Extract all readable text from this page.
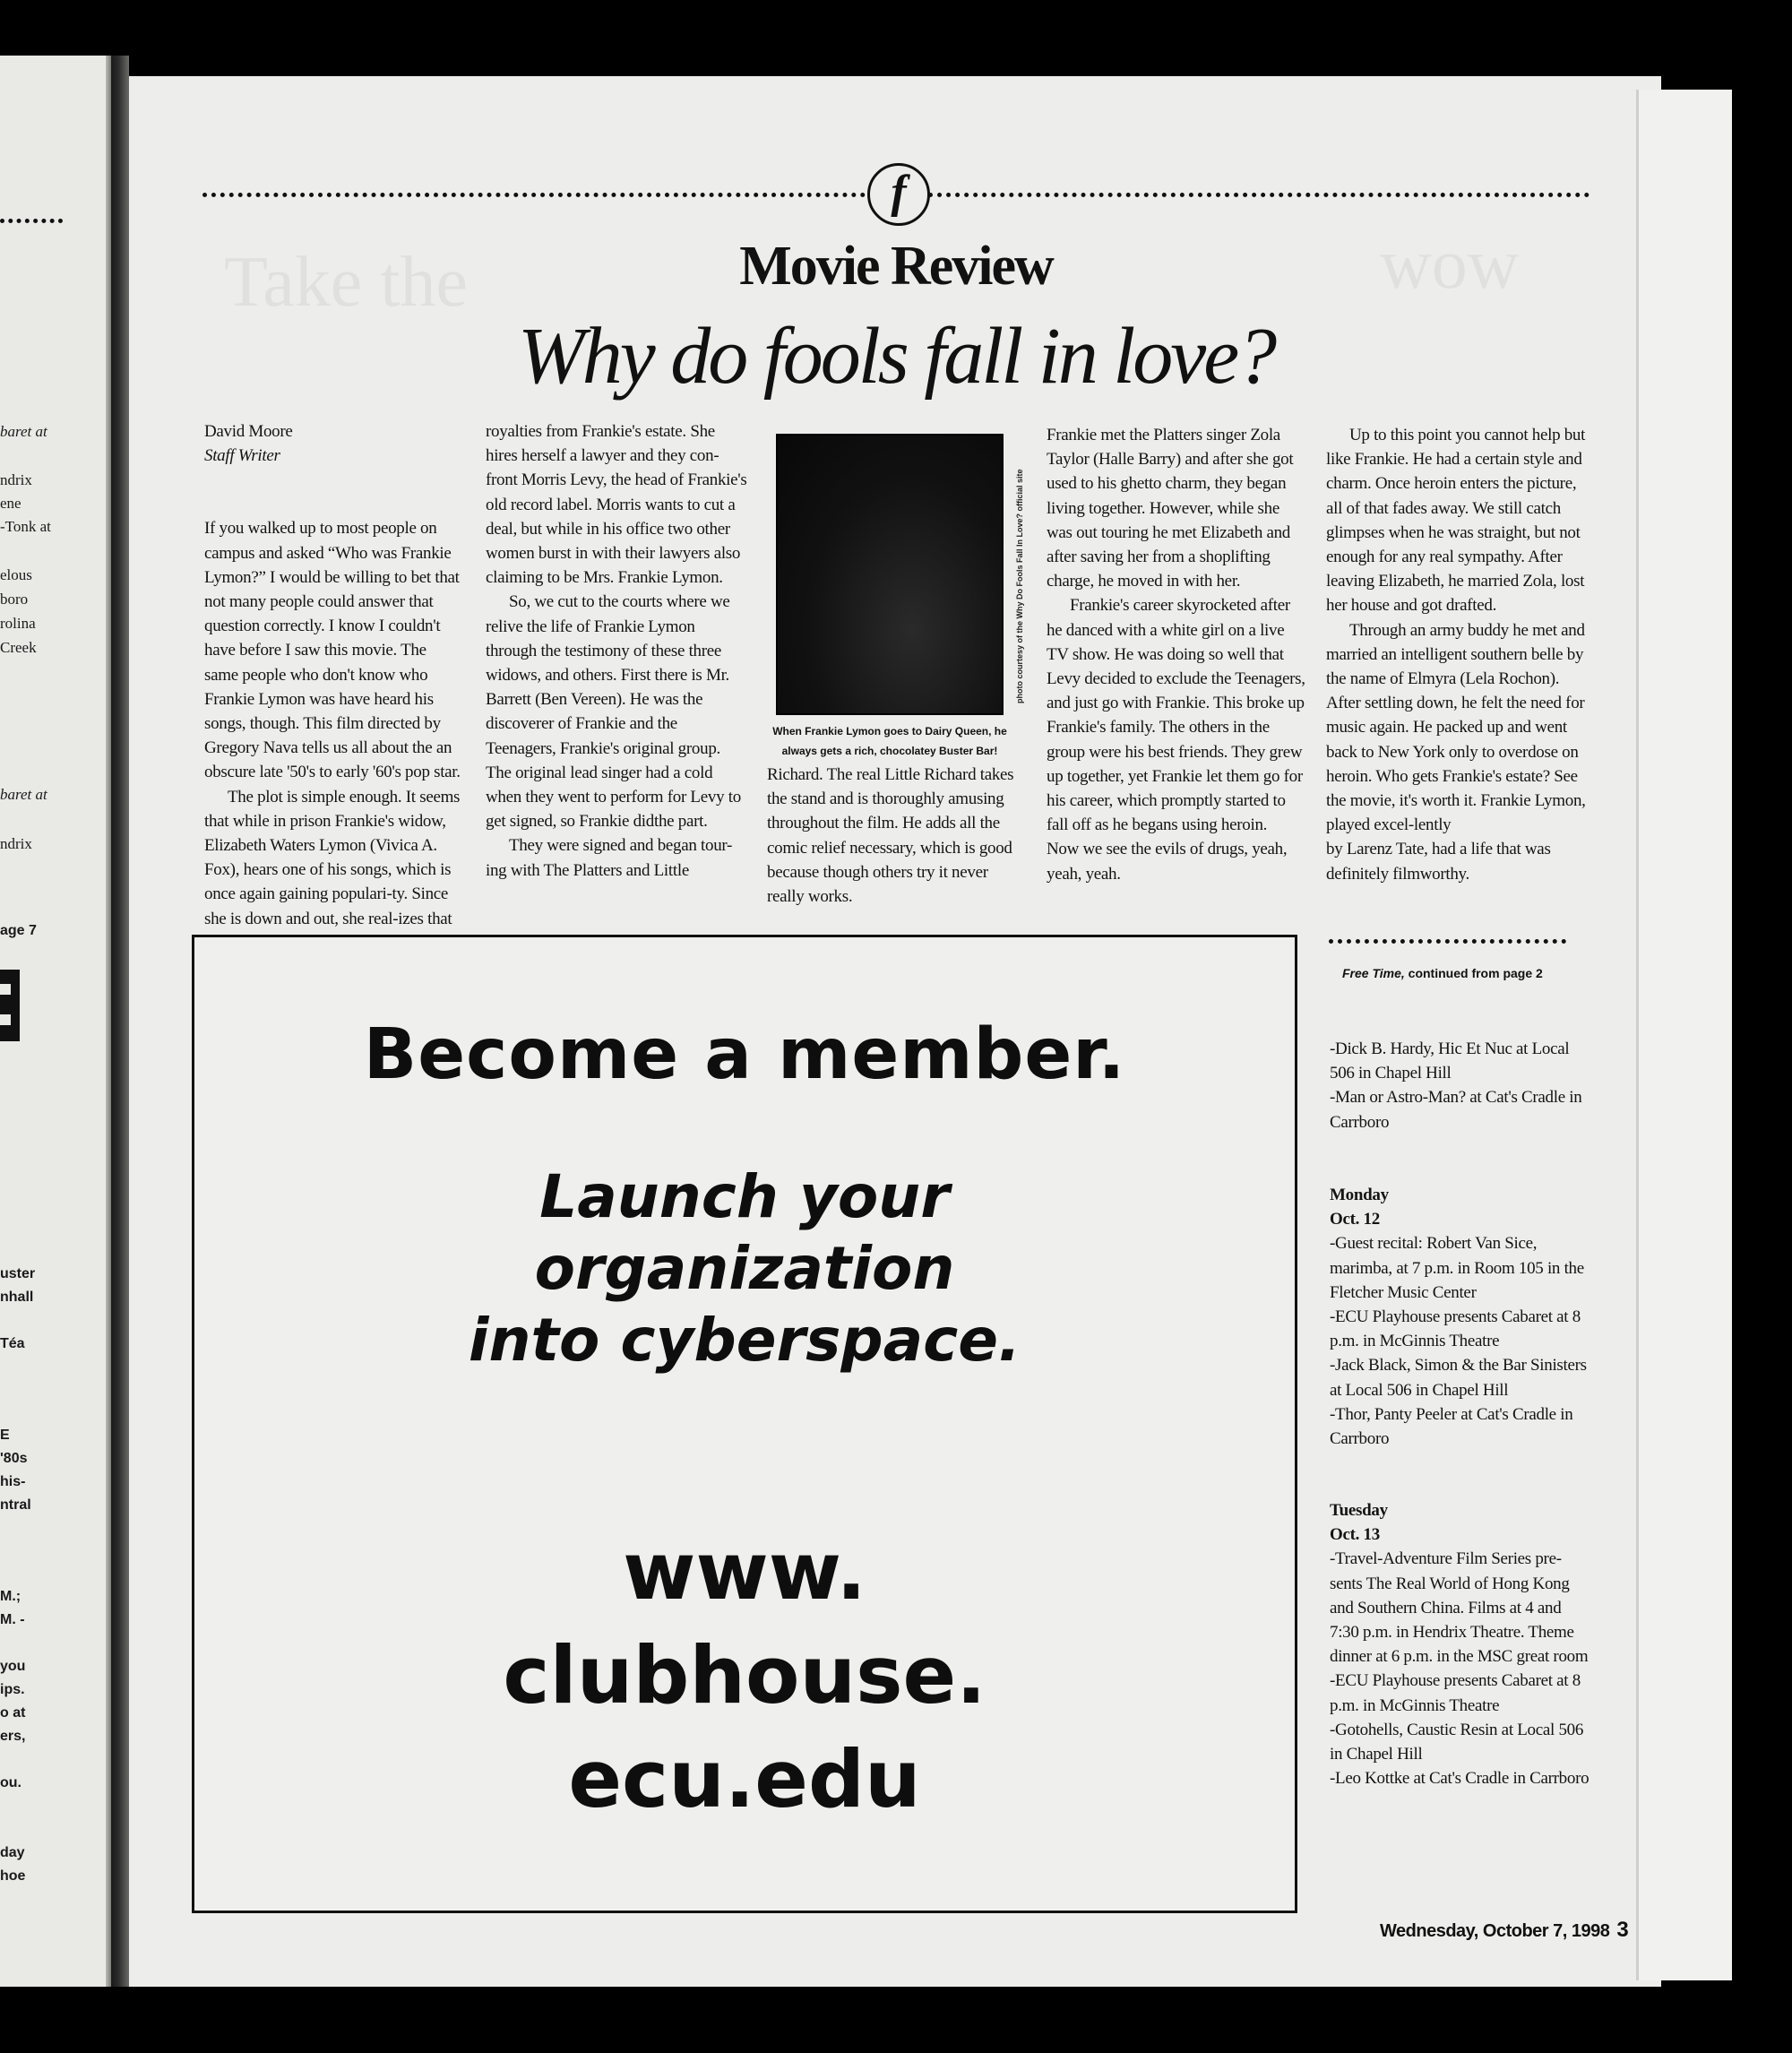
baret at
ndrix
ene
-Tonk at
elous
boro
rolina
Creek
baret at
ndrix
age 7
uster
nhall
Téa
E
'80s
his-
ntral
M.;
M. -
you
ips.
o at
ers,
ou.
day
hoe
f
Movie Review
Why do fools fall in love?
David Moore
Staff Writer

If you walked up to most people on campus and asked “Who was Frankie Lymon?” I would be willing to bet that not many people could answer that question correctly. I know I couldn't have before I saw this movie. The same people who don't know who Frankie Lymon was have heard his songs, though. This film directed by Gregory Nava tells us all about the an obscure late '50's to early '60's pop star.

The plot is simple enough. It seems that while in prison Frankie's widow, Elizabeth Waters Lymon (Vivica A. Fox), hears one of his songs, which is once again gaining populari-ty. Since she is down and out, she real-izes that

royalties from Frankie's estate. She hires herself a lawyer and they con-front Morris Levy, the head of Frankie's old record label. Morris wants to cut a deal, but while in his office two other women burst in with their lawyers also claiming to be Mrs. Frankie Lymon.

So, we cut to the courts where we relive the life of Frankie Lymon through the testimony of these three widows, and others. First there is Mr. Barrett (Ben Vereen). He was the discoverer of Frankie and the Teenagers, Frankie's original group. The original lead singer had a cold when they went to perform for Levy to get signed, so Frankie didthe part.

They were signed and began tour-ing with The Platters and Little

photo courtesy of the Why Do Fools Fall In Love? official site
When Frankie Lymon goes to Dairy Queen, he always gets a rich, chocolatey Buster Bar!

Richard. The real Little Richard takes the stand and is thoroughly amusing throughout the film. He adds all the comic relief necessary, which is good because though others try it never really works.

Frankie met the Platters singer Zola Taylor (Halle Barry) and after she got used to his ghetto charm, they began living together. However, while she was out touring he met Elizabeth and after saving her from a shoplifting charge, he moved in with her.

Frankie's career skyrocketed after he danced with a white girl on a live TV show. He was doing so well that Levy decided to exclude the Teenagers, and just go with Frankie. This broke up Frankie's family. The others in the group were his best friends. They grew up together, yet Frankie let them go for his career, which promptly started to fall off as he begans using heroin.

Now we see the evils of drugs, yeah, yeah, yeah.

Up to this point you cannot help but like Frankie. He had a certain style and charm. Once heroin enters the picture, all of that fades away. We still catch glimpses when he was straight, but not enough for any real sympathy. After leaving Elizabeth, he married Zola, lost her house and got drafted.

Through an army buddy he met and married an intelligent southern belle by the name of Elmyra (Lela Rochon). After settling down, he felt the need for music again. He packed up and went back to New York only to overdose on heroin. Who gets Frankie's estate? See the movie, it's worth it. Frankie Lymon, played excel-lently

by Larenz Tate, had a life that was definitely filmworthy.

Become a member.
Launch your
organization
into cyberspace.
www.
clubhouse.
ecu.edu
Free Time, continued from page 2

-Dick B. Hardy, Hic Et Nuc at Local 506 in Chapel Hill

-Man or Astro-Man? at Cat's Cradle in Carrboro

Monday

Oct. 12

-Guest recital: Robert Van Sice, marimba, at 7 p.m. in Room 105 in the Fletcher Music Center

-ECU Playhouse presents Cabaret at 8 p.m. in McGinnis Theatre

-Jack Black, Simon & the Bar Sinisters at Local 506 in Chapel Hill

-Thor, Panty Peeler at Cat's Cradle in Carrboro

Tuesday

Oct. 13

-Travel-Adventure Film Series pre-sents The Real World of Hong Kong and Southern China. Films at 4 and 7:30 p.m. in Hendrix Theatre. Theme dinner at 6 p.m. in the MSC great room

-ECU Playhouse presents Cabaret at 8 p.m. in McGinnis Theatre

-Gotohells, Caustic Resin at Local 506 in Chapel Hill

-Leo Kottke at Cat's Cradle in Carrboro

Wednesday, October 7, 1998 3
